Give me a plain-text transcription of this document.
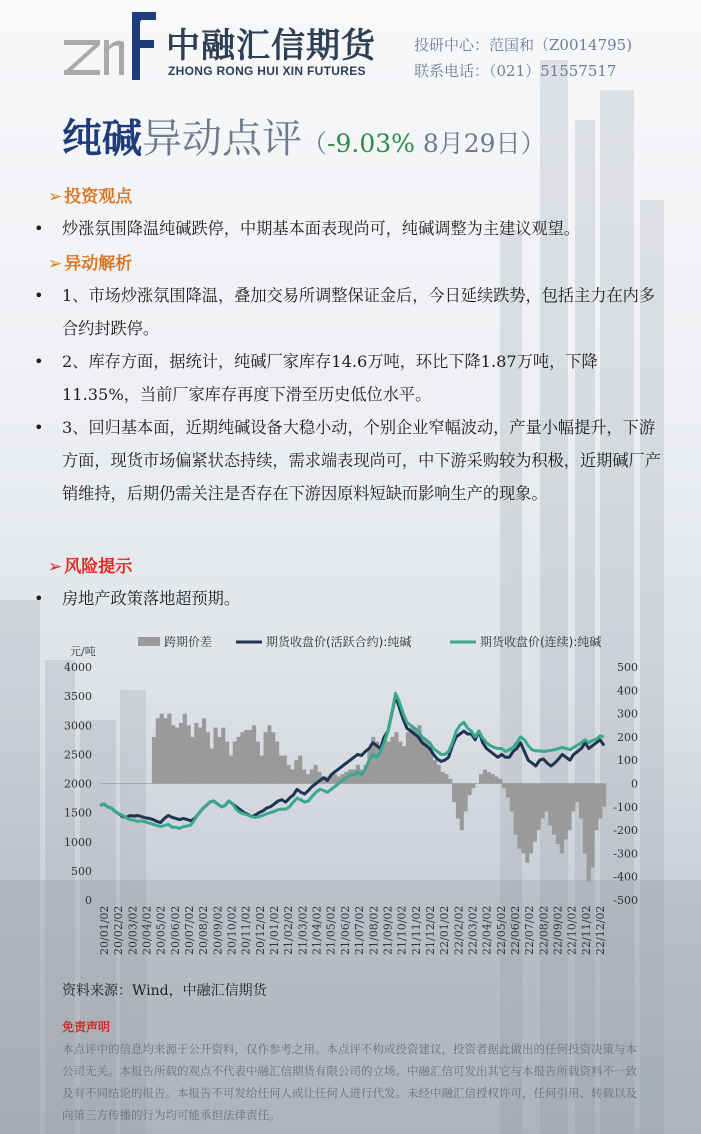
中融汇信期货
ZHONG RONG HUI XIN FUTURES
投研中心：范国和（Z0014795)
联系电话：（021）51557517
纯碱异动点评（-9.03% 8月29日）
➢ 投资观点
• 炒涨氛围降温纯碱跌停，中期基本面表现尚可，纯碱调整为主建议观望。
➢ 异动解析
• 1、市场炒涨氛围降温，叠加交易所调整保证金后，今日延续跌势，包括主力在内多合约封跌停。
• 2、库存方面，据统计，纯碱厂家库存14.6万吨，环比下降1.87万吨，下降11.35%，当前厂家库存再度下滑至历史低位水平。
• 3、回归基本面，近期纯碱设备大稳小动，个别企业窄幅波动，产量小幅提升，下游方面，现货市场偏紧状态持续，需求端表现尚可，中下游采购较为积极，近期碱厂产销维持，后期仍需关注是否存在下游因原料短缺而影响生产的现象。
➢ 风险提示
• 房地产政策落地超预期。
元/吨
0
500
1000
1500
2000
2500
3000
3500
4000
-500
-400
-300
-200
-100
0
100
200
300
400
500
20/01/02 20/02/02 20/03/02 20/04/02 20/05/02 20/06/02 20/07/02 20/08/02 20/09/02 20/10/02 20/11/02 20/12/02 21/01/02 21/02/02 21/03/02 21/04/02 21/05/02 21/06/02 21/07/02 21/08/02 21/09/02 21/10/02 21/11/02 21/12/02 22/01/02 22/02/02 22/03/02 22/04/02 22/05/02 22/06/02 22/07/02 22/08/02 22/09/02 22/10/02 22/11/02 22/12/02
跨期价差	期货收盘价(活跃合约):纯碱	期货收盘价(连续):纯碱
资料来源：Wind，中融汇信期货
免责声明
本点评中的信息均来源于公开资料，仅作参考之用。本点评不构成投资建议，投资者据此做出的任何投资决策与本公司无关。本报告所载的观点不代表中融汇信期货有限公司的立场。中融汇信可发出其它与本报告所载资料不一致及有不同结论的报告。本报告不可发给任何人或让任何人进行代发。未经中融汇信授权许可，任何引用、转载以及向第三方传播的行为均可能承担法律责任。
